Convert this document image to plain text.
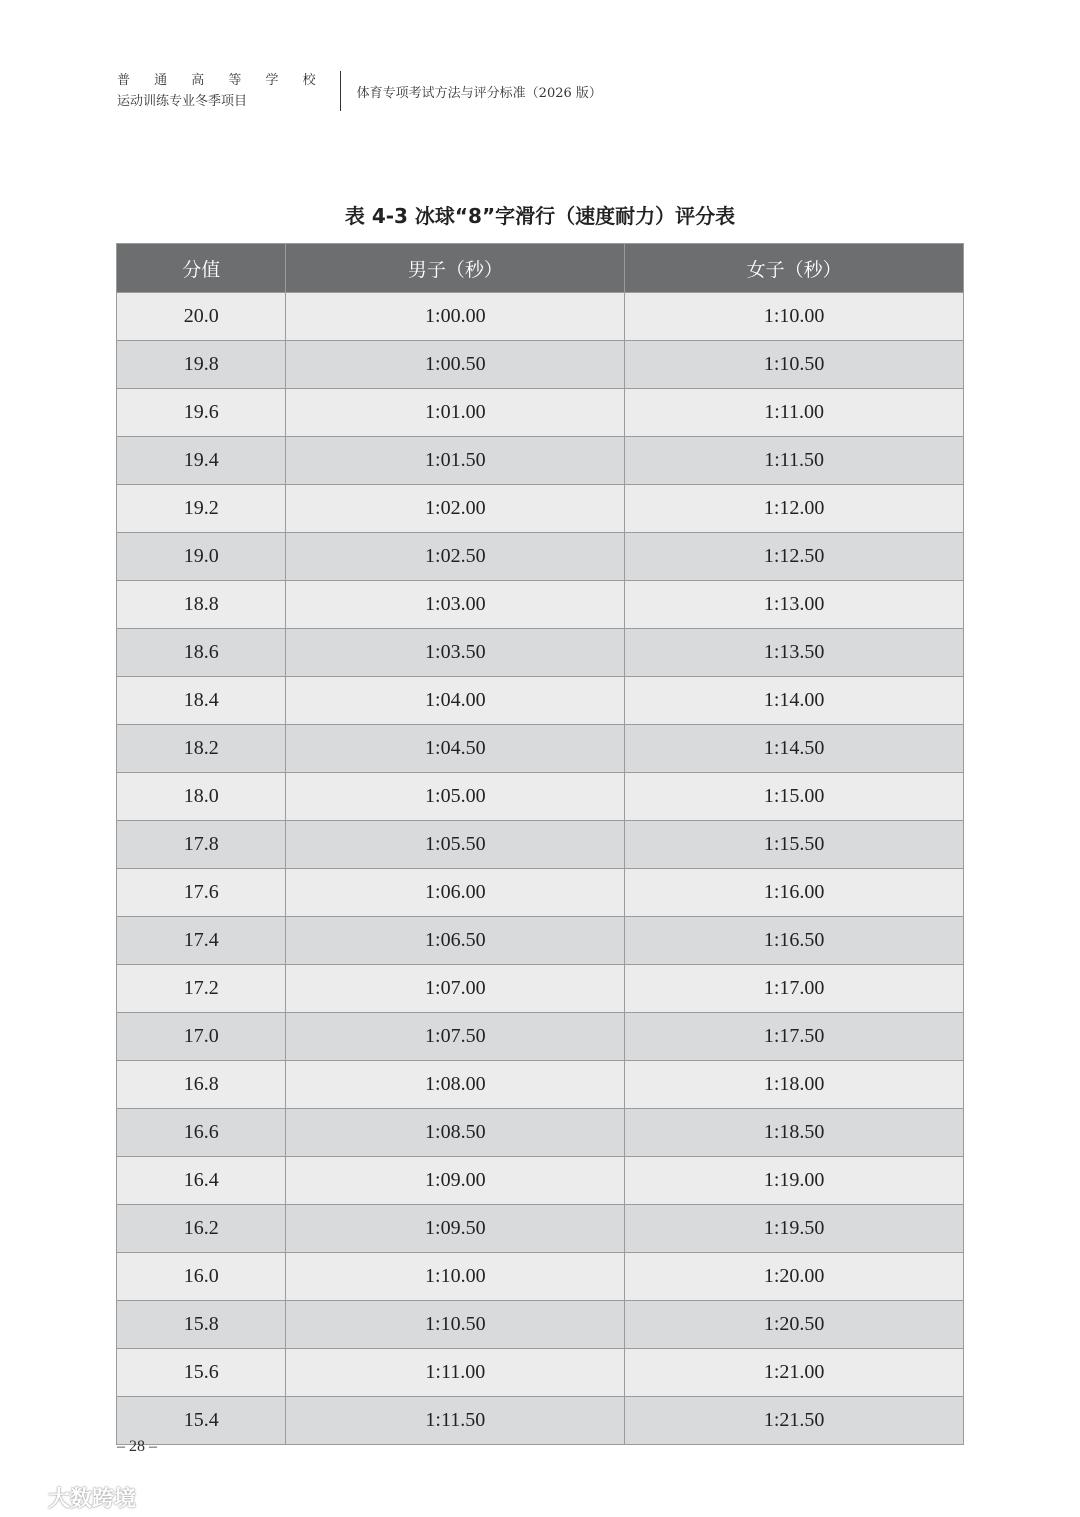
普 通 高 等 学 校
运动训练专业冬季项目
体育专项考试方法与评分标准（2026 版）
表 4-3 冰球“8”字滑行（速度耐力）评分表
分值	男子（秒）	女子（秒）
20.0	1:00.00	1:10.00
19.8	1:00.50	1:10.50
19.6	1:01.00	1:11.00
19.4	1:01.50	1:11.50
19.2	1:02.00	1:12.00
19.0	1:02.50	1:12.50
18.8	1:03.00	1:13.00
18.6	1:03.50	1:13.50
18.4	1:04.00	1:14.00
18.2	1:04.50	1:14.50
18.0	1:05.00	1:15.00
17.8	1:05.50	1:15.50
17.6	1:06.00	1:16.00
17.4	1:06.50	1:16.50
17.2	1:07.00	1:17.00
17.0	1:07.50	1:17.50
16.8	1:08.00	1:18.00
16.6	1:08.50	1:18.50
16.4	1:09.00	1:19.00
16.2	1:09.50	1:19.50
16.0	1:10.00	1:20.00
15.8	1:10.50	1:20.50
15.6	1:11.00	1:21.00
15.4	1:11.50	1:21.50
– 28 –
大数跨境
